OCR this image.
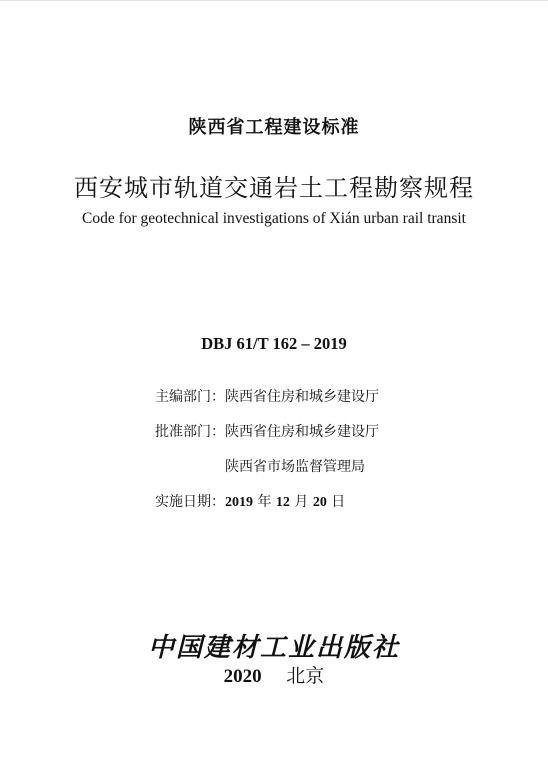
陕西省工程建设标准
西安城市轨道交通岩土工程勘察规程
Code for geotechnical investigations of Xián urban rail transit
DBJ 61/T 162 – 2019
主编部门： 陕西省住房和城乡建设厅
批准部门： 陕西省住房和城乡建设厅
陕西省市场监督管理局
实施日期： 2019 年 12 月 20 日
中国建材工业出版社
2020 北京
